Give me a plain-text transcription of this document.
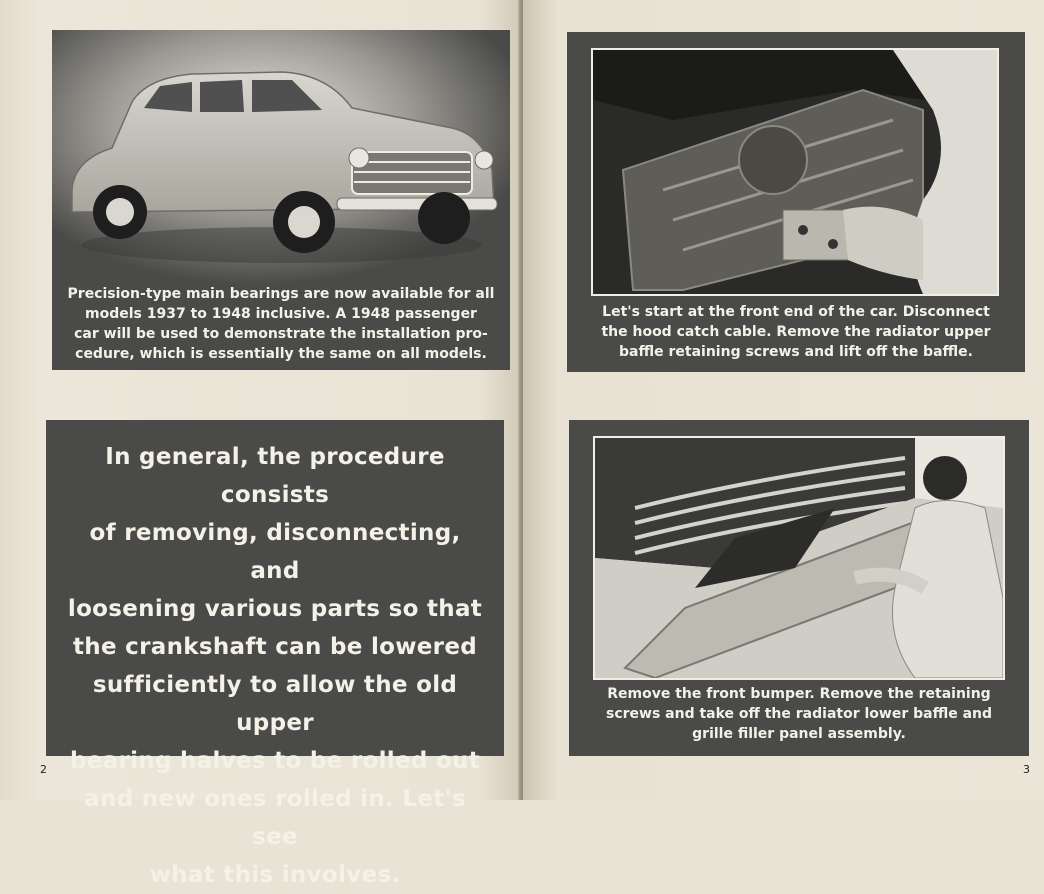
Precision-type main bearings are now available for all
models 1937 to 1948 inclusive. A 1948 passenger
car will be used to demonstrate the installation pro-
cedure, which is essentially the same on all models.
In general, the procedure consists
of removing, disconnecting, and
loosening various parts so that
the crankshaft can be lowered
sufficiently to allow the old upper
bearing halves to be rolled out
and new ones rolled in. Let's see
what this involves.
2
Let's start at the front end of the car. Disconnect
the hood catch cable. Remove the radiator upper
baffle retaining screws and lift off the baffle.
Remove the front bumper. Remove the retaining
screws and take off the radiator lower baffle and
grille filler panel assembly.
3
